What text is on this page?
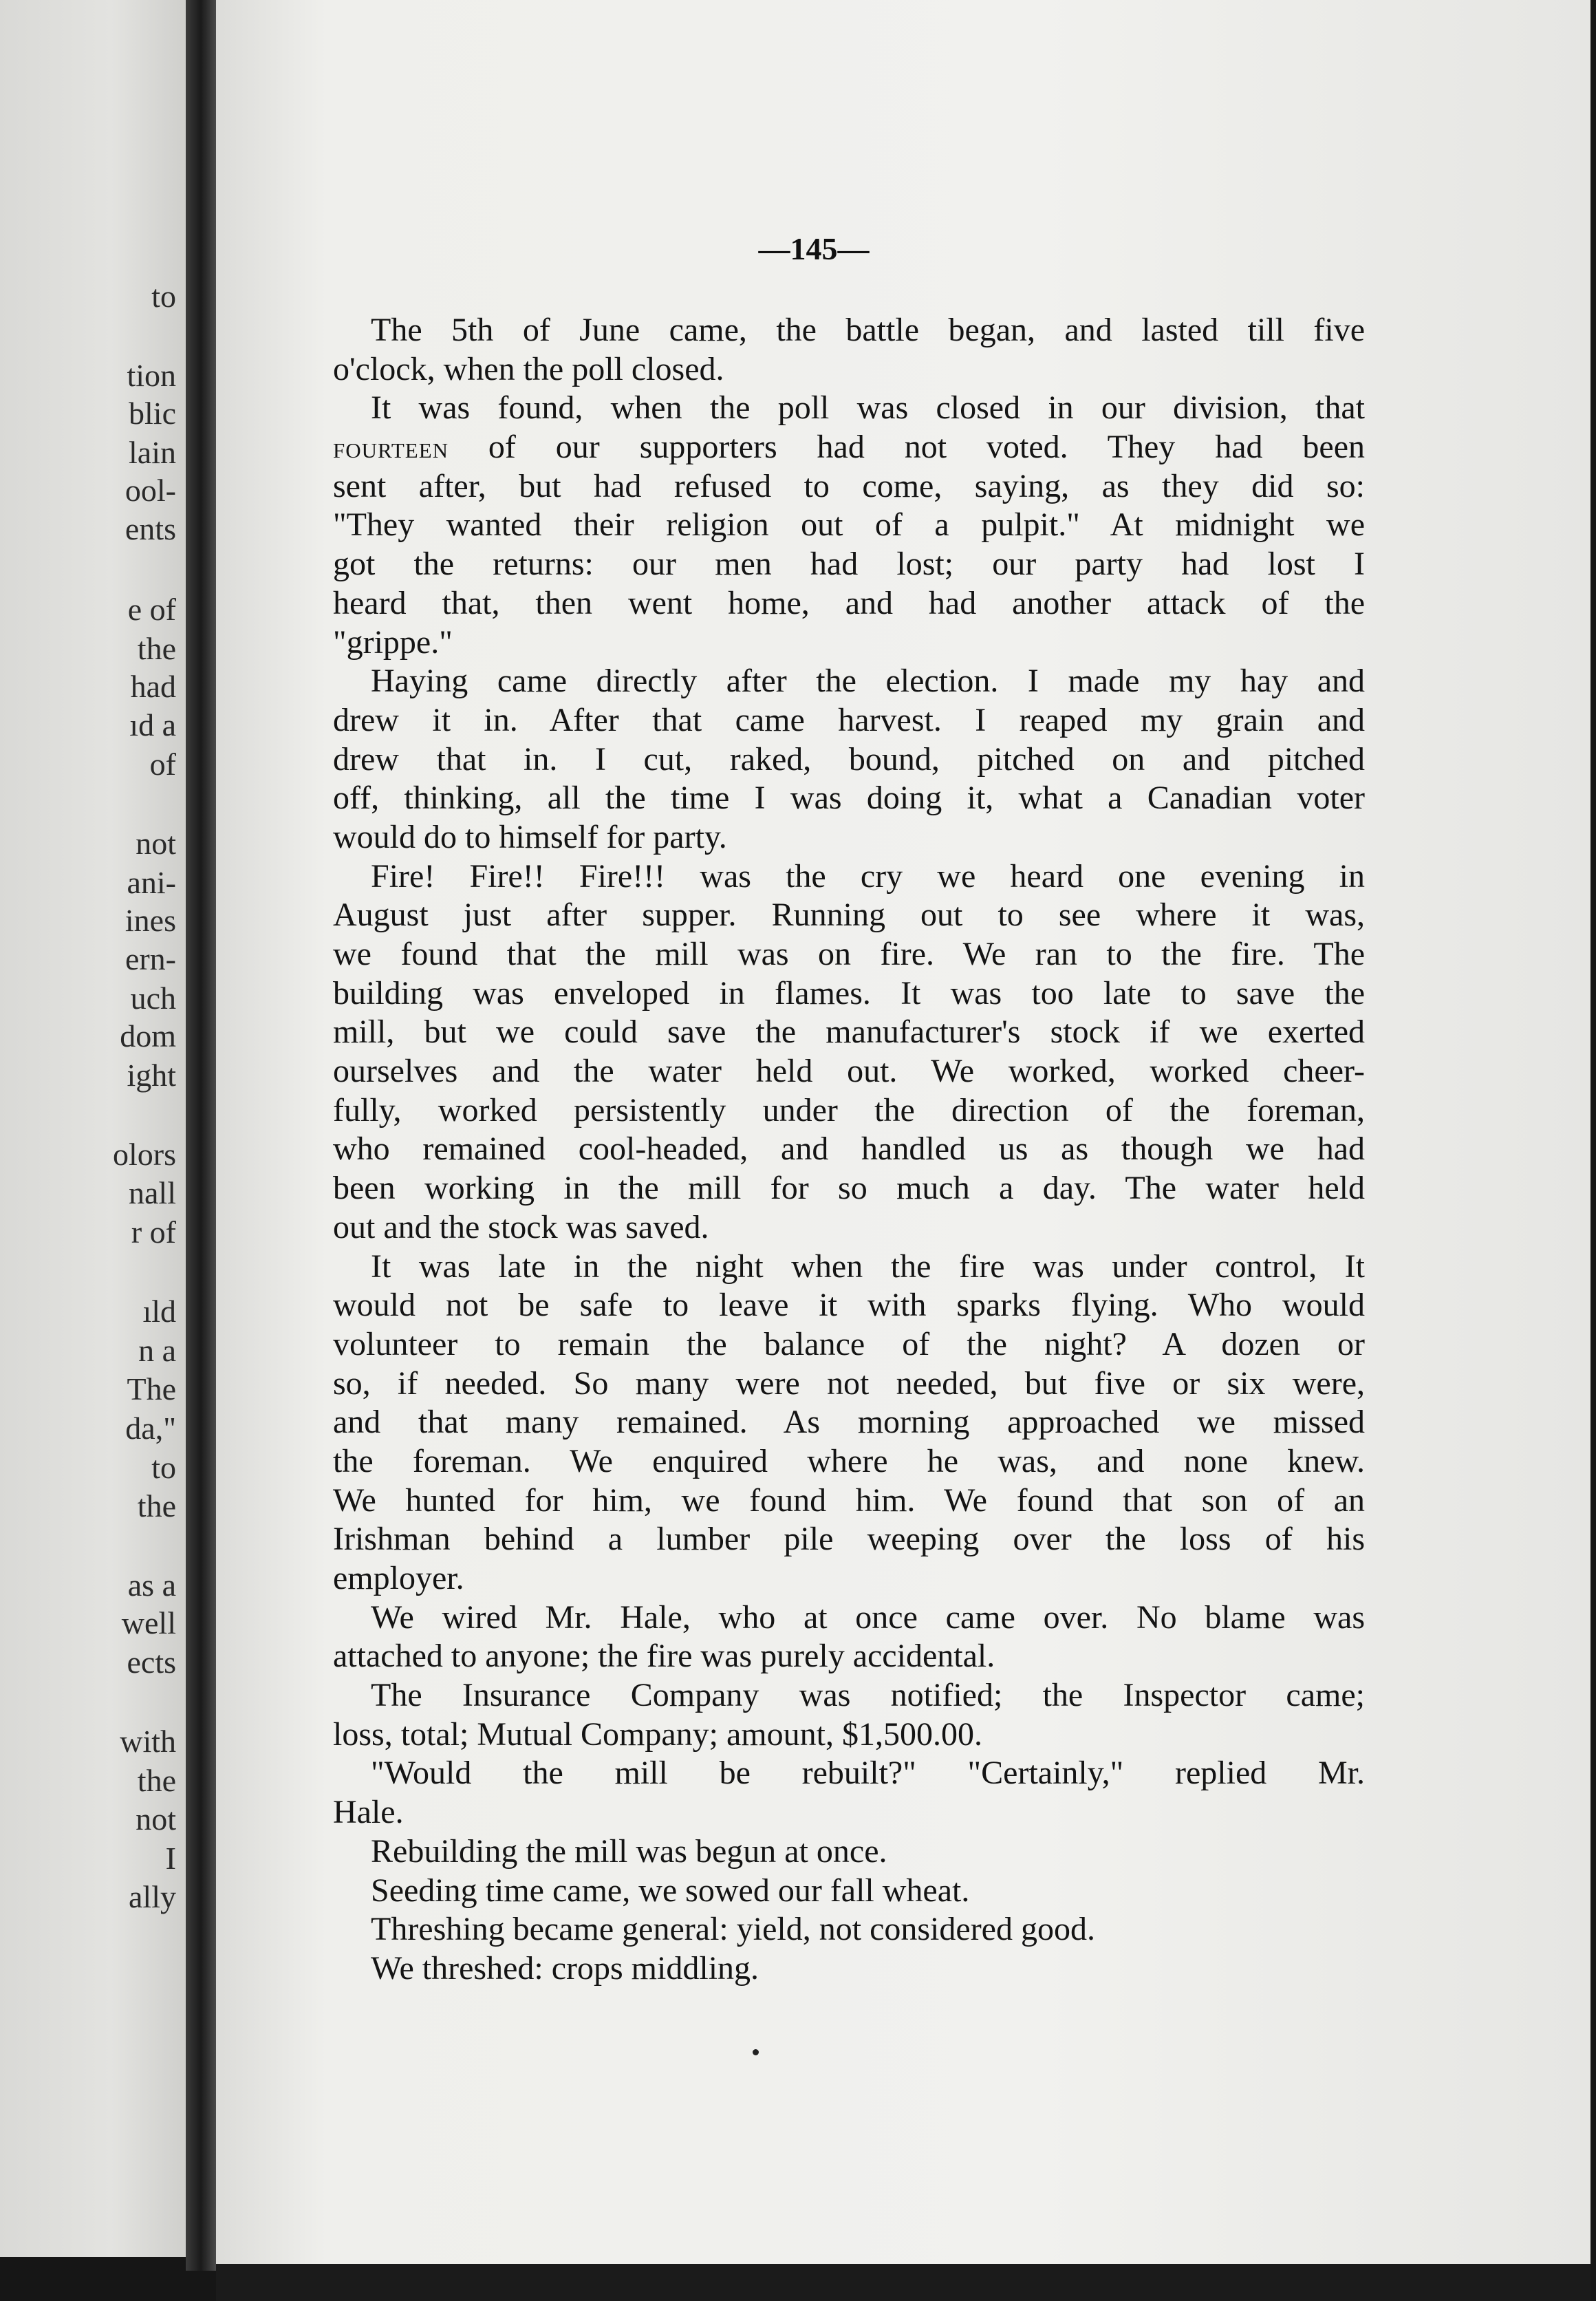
to
tion
blic
lain
ool-
ents
e of
the
had
ıd a
of
not
ani-
ines
ern-
uch
dom
ight
olors
nall
r of
ıld
n a
The
da,"
to
the
as a
well
ects
with
the
not
I
ally
—145—
The 5th of June came, the battle began, and lasted till five
o'clock, when the poll closed.
It was found, when the poll was closed in our division, that
fourteen of our supporters had not voted. They had been
sent after, but had refused to come, saying, as they did so:
"They wanted their religion out of a pulpit." At midnight we
got the returns: our men had lost; our party had lost I
heard that, then went home, and had another attack of the
"grippe."
Haying came directly after the election. I made my hay and
drew it in. After that came harvest. I reaped my grain and
drew that in. I cut, raked, bound, pitched on and pitched
off, thinking, all the time I was doing it, what a Canadian voter
would do to himself for party.
Fire! Fire!! Fire!!! was the cry we heard one evening in
August just after supper. Running out to see where it was,
we found that the mill was on fire. We ran to the fire. The
building was enveloped in flames. It was too late to save the
mill, but we could save the manufacturer's stock if we exerted
ourselves and the water held out. We worked, worked cheer-
fully, worked persistently under the direction of the foreman,
who remained cool-headed, and handled us as though we had
been working in the mill for so much a day. The water held
out and the stock was saved.
It was late in the night when the fire was under control, It
would not be safe to leave it with sparks flying. Who would
volunteer to remain the balance of the night? A dozen or
so, if needed. So many were not needed, but five or six were,
and that many remained. As morning approached we missed
the foreman. We enquired where he was, and none knew.
We hunted for him, we found him. We found that son of an
Irishman behind a lumber pile weeping over the loss of his
employer.
We wired Mr. Hale, who at once came over. No blame was
attached to anyone; the fire was purely accidental.
The Insurance Company was notified; the Inspector came;
loss, total; Mutual Company; amount, $1,500.00.
"Would the mill be rebuilt?" "Certainly," replied Mr.
Hale.
Rebuilding the mill was begun at once.
Seeding time came, we sowed our fall wheat.
Threshing became general: yield, not considered good.
We threshed: crops middling.
